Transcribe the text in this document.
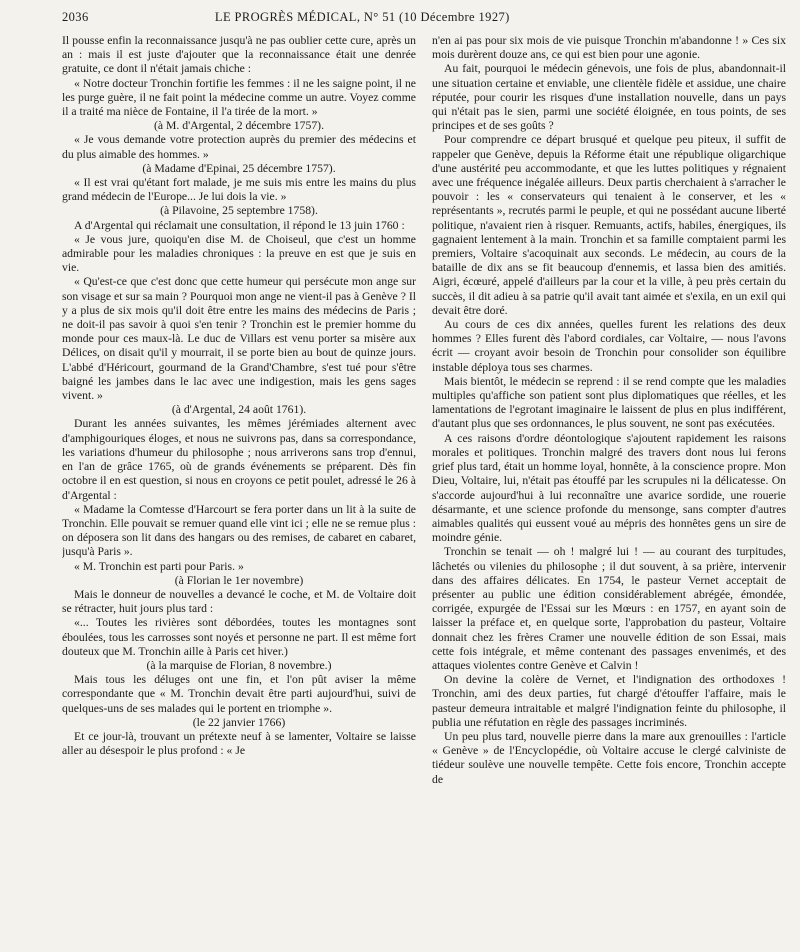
2036	LE PROGRÈS MÉDICAL, N° 51 (10 Décembre 1927)

Il pousse enfin la reconnaissance jusqu'à ne pas oublier cette cure, après un an : mais il est juste d'ajouter que la reconnaissance était une denrée gratuite, ce dont il n'était jamais chiche :

« Notre docteur Tronchin fortifie les femmes : il ne les saigne point, il ne les purge guère, il ne fait point la médecine comme un autre. Voyez comme il a traité ma nièce de Fontaine, il l'a tirée de la mort. »

(à M. d'Argental, 2 décembre 1757).

« Je vous demande votre protection auprès du premier des médecins et du plus aimable des hommes. »

(à Madame d'Epinai, 25 décembre 1757).

« Il est vrai qu'étant fort malade, je me suis mis entre les mains du plus grand médecin de l'Europe... Je lui dois la vie. »

(à Pilavoine, 25 septembre 1758).

A d'Argental qui réclamait une consultation, il répond le 13 juin 1760 :

« Je vous jure, quoiqu'en dise M. de Choiseul, que c'est un homme admirable pour les maladies chroniques : la preuve en est que je suis en vie.

« Qu'est-ce que c'est donc que cette humeur qui persécute mon ange sur son visage et sur sa main ? Pourquoi mon ange ne vient-il pas à Genève ? Il y a plus de six mois qu'il doit être entre les mains des médecins de Paris ; ne doit-il pas savoir à quoi s'en tenir ? Tronchin est le premier homme du monde pour ces maux-là. Le duc de Villars est venu porter sa misère aux Délices, on disait qu'il y mourrait, il se porte bien au bout de quinze jours. L'abbé d'Héricourt, gourmand de la Grand'Chambre, s'est tué pour s'être baigné les jambes dans le lac avec une indigestion, mais les gens sages vivent. »

(à d'Argental, 24 août 1761).

Durant les années suivantes, les mêmes jérémiades alternent avec d'amphigouriques éloges, et nous ne suivrons pas, dans sa correspondance, les variations d'humeur du philosophe ; nous arriverons sans trop d'ennui, en l'an de grâce 1765, où de grands événements se préparent. Dès fin octobre il en est question, si nous en croyons ce petit poulet, adressé le 26 à d'Argental :

« Madame la Comtesse d'Harcourt se fera porter dans un lit à la suite de Tronchin. Elle pouvait se remuer quand elle vint ici ; elle ne se remue plus : on déposera son lit dans des hangars ou des remises, de cabaret en cabaret, jusqu'à Paris ».

« M. Tronchin est parti pour Paris. »

(à Florian le 1er novembre)

Mais le donneur de nouvelles a devancé le coche, et M. de Voltaire doit se rétracter, huit jours plus tard :

«... Toutes les rivières sont débordées, toutes les montagnes sont éboulées, tous les carrosses sont noyés et personne ne part. Il est même fort douteux que M. Tronchin aille à Paris cet hiver.)

(à la marquise de Florian, 8 novembre.)

Mais tous les déluges ont une fin, et l'on pût aviser la même correspondante que « M. Tronchin devait être parti aujourd'hui, suivi de quelques-uns de ses malades qui le portent en triomphe ».

(le 22 janvier 1766)

Et ce jour-là, trouvant un prétexte neuf à se lamenter, Voltaire se laisse aller au désespoir le plus profond : « Je

n'en ai pas pour six mois de vie puisque Tronchin m'abandonne ! » Ces six mois durèrent douze ans, ce qui est bien pour une agonie.

Au fait, pourquoi le médecin génevois, une fois de plus, abandonnait-il une situation certaine et enviable, une clientèle fidèle et assidue, une chaire réputée, pour courir les risques d'une installation nouvelle, dans un pays qui n'était pas le sien, parmi une société éloignée, en tous points, de ses principes et de ses goûts ?

Pour comprendre ce départ brusqué et quelque peu piteux, il suffit de rappeler que Genève, depuis la Réforme était une république oligarchique d'une austérité peu accommodante, et que les luttes politiques y régnaient avec une fréquence inégalée ailleurs. Deux partis cherchaient à s'arracher le pouvoir : les « conservateurs qui tenaient à le conserver, et les « représentants », recrutés parmi le peuple, et qui ne possédant aucune liberté politique, n'avaient rien à risquer. Remuants, actifs, habiles, énergiques, ils gagnaient lentement à la main. Tronchin et sa famille comptaient parmi les premiers, Voltaire s'acoquinait aux seconds. Le médecin, au cours de la bataille de dix ans se fit beaucoup d'ennemis, et lassa bien des amitiés. Aigri, écœuré, appelé d'ailleurs par la cour et la ville, à peu près certain du succès, il dit adieu à sa patrie qu'il avait tant aimée et s'exila, en un exil qui devait être doré.

Au cours de ces dix années, quelles furent les relations des deux hommes ? Elles furent dès l'abord cordiales, car Voltaire, — nous l'avons écrit — croyant avoir besoin de Tronchin pour consolider son équilibre instable déploya tous ses charmes.

Mais bientôt, le médecin se reprend : il se rend compte que les maladies multiples qu'affiche son patient sont plus diplomatiques que réelles, et les lamentations de l'egrotant imaginaire le laissent de plus en plus indifférent, d'autant plus que ses ordonnances, le plus souvent, ne sont pas exécutées.

A ces raisons d'ordre déontologique s'ajoutent rapidement les raisons morales et politiques. Tronchin malgré des travers dont nous lui ferons grief plus tard, était un homme loyal, honnête, à la conscience propre. Mon Dieu, Voltaire, lui, n'était pas étouffé par les scrupules ni la délicatesse. On s'accorde aujourd'hui à lui reconnaître une avarice sordide, une rouerie désarmante, et une science profonde du mensonge, sans compter d'autres aimables qualités qui eussent voué au mépris des honnêtes gens un sire de moindre génie.

Tronchin se tenait — oh ! malgré lui ! — au courant des turpitudes, lâchetés ou vilenies du philosophe ; il dut souvent, à sa prière, intervenir dans des affaires délicates. En 1754, le pasteur Vernet acceptait de présenter au public une édition considérablement abrégée, émondée, corrigée, expurgée de l'Essai sur les Mœurs : en 1757, en ayant soin de laisser la préface et, en quelque sorte, l'approbation du pasteur, Voltaire donnait chez les frères Cramer une nouvelle édition de son Essai, mais cette fois intégrale, et même contenant des passages envenimés, et des attaques violentes contre Genève et Calvin !

On devine la colère de Vernet, et l'indignation des orthodoxes ! Tronchin, ami des deux parties, fut chargé d'étouffer l'affaire, mais le pasteur demeura intraitable et malgré l'indignation feinte du philosophe, il publia une réfutation en règle des passages incriminés.

Un peu plus tard, nouvelle pierre dans la mare aux grenouilles : l'article « Genève » de l'Encyclopédie, où Voltaire accuse le clergé calviniste de tiédeur soulève une nouvelle tempête. Cette fois encore, Tronchin accepte de
